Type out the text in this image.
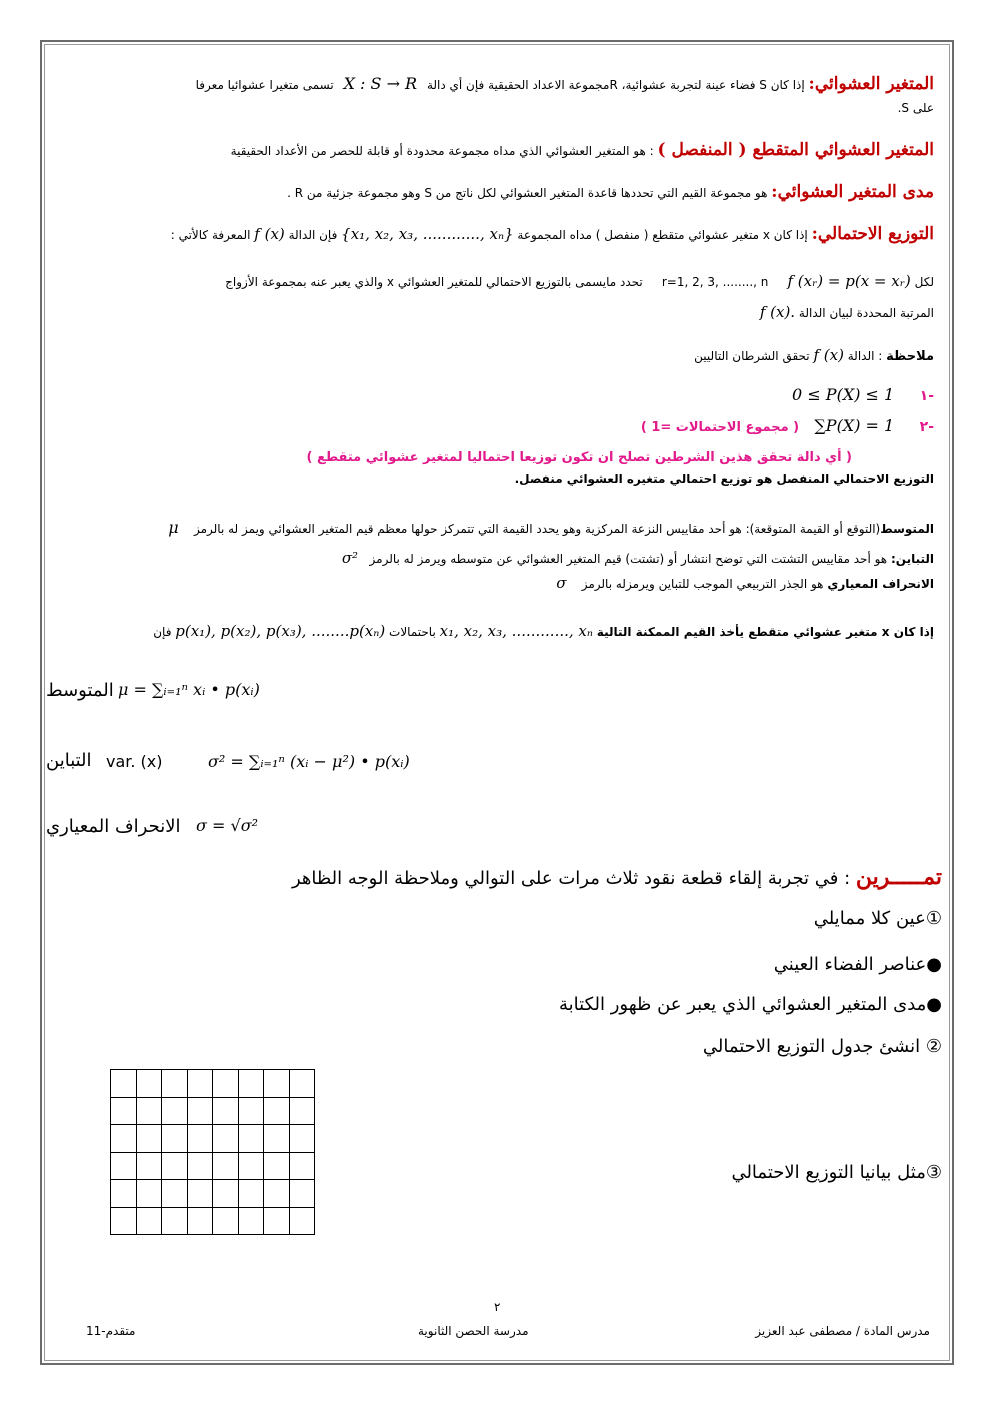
المتغير العشوائي: إذا كان S فضاء عينة لتجربة عشوائية، Rمجموعة الاعداد الحقيقية فإن أي دالة X : S → R تسمى متغيرا عشوائيا معرفا
على S.
المتغير العشوائي المتقطع ( المنفصل ) : هو المتغير العشوائي الذي مداه مجموعة محدودة أو قابلة للحصر من الأعداد الحقيقية
مدى المتغير العشوائي: هو مجموعة القيم التي تحددها قاعدة المتغير العشوائي لكل ناتج من S وهو مجموعة جزئية من R .
التوزيع الاحتمالي: إذا كان x متغير عشوائي متقطع ( منفصل ) مداه المجموعة {x₁, x₂, x₃, ............, xₙ} فإن الدالة f (x) المعرفة كالأتي :
لكل f (xᵣ) = p(x = xᵣ)     r=1, 2, 3, ........, n     تحدد مايسمى بالتوزيع الاحتمالي للمتغير العشوائي x والذي يعبر عنه بمجموعة الأزواج
المرتبة المحددة لبيان الدالة f (x).
ملاحظة : الدالة f (x) تحقق الشرطان التاليين
-١     0 ≤ P(X) ≤ 1
-٢     ∑P(X) = 1   ( مجموع الاحتمالات =1 )
( أي دالة تحقق هذين الشرطين تصلح ان تكون توزيعا احتماليا لمتغير عشوائي متقطع )
التوزيع الاحتمالي المنفصل هو توزيع احتمالي متغيره العشوائي منفصل.
المتوسط(التوقع أو القيمة المتوقعة): هو أحد مقاييس النزعة المركزية وهو يحدد القيمة التي تتمركز حولها معظم قيم المتغير العشوائي ويمز له بالرمز    μ
التباين: هو أحد مقاييس التشتت التي توضح انتشار أو (تشتت) قيم المتغير العشوائي عن متوسطه ويرمز له بالرمز   σ²
الانحراف المعياري هو الجذر التربيعي الموجب للتباين ويرمزله بالرمز    σ
إذا كان x متغير عشوائي متقطع يأخذ القيم الممكنة التالية x₁, x₂, x₃, ............, xₙ باحتمالات p(x₁), p(x₂), p(x₃), ........p(xₙ) فإن
المتوسط μ = ∑ᵢ₌₁ⁿ xᵢ • p(xᵢ)
التباين var. (x)	σ² = ∑ᵢ₌₁ⁿ (xᵢ − μ²) • p(xᵢ)
الانحراف المعياري σ = √σ²
تمـــــرين : في تجربة إلقاء قطعة نقود ثلاث مرات على التوالي وملاحظة الوجه الظاهر
①عين كلا ممايلي
●عناصر الفضاء العيني
●مدى المتغير العشوائي الذي يعبر عن ظهور الكتابة
② انشئ جدول التوزيع الاحتمالي

③مثل بيانيا التوزيع الاحتمالي
٢
مدرس المادة / مصطفى عبد العزيز
مدرسة الحصن الثانوية
11-متقدم
